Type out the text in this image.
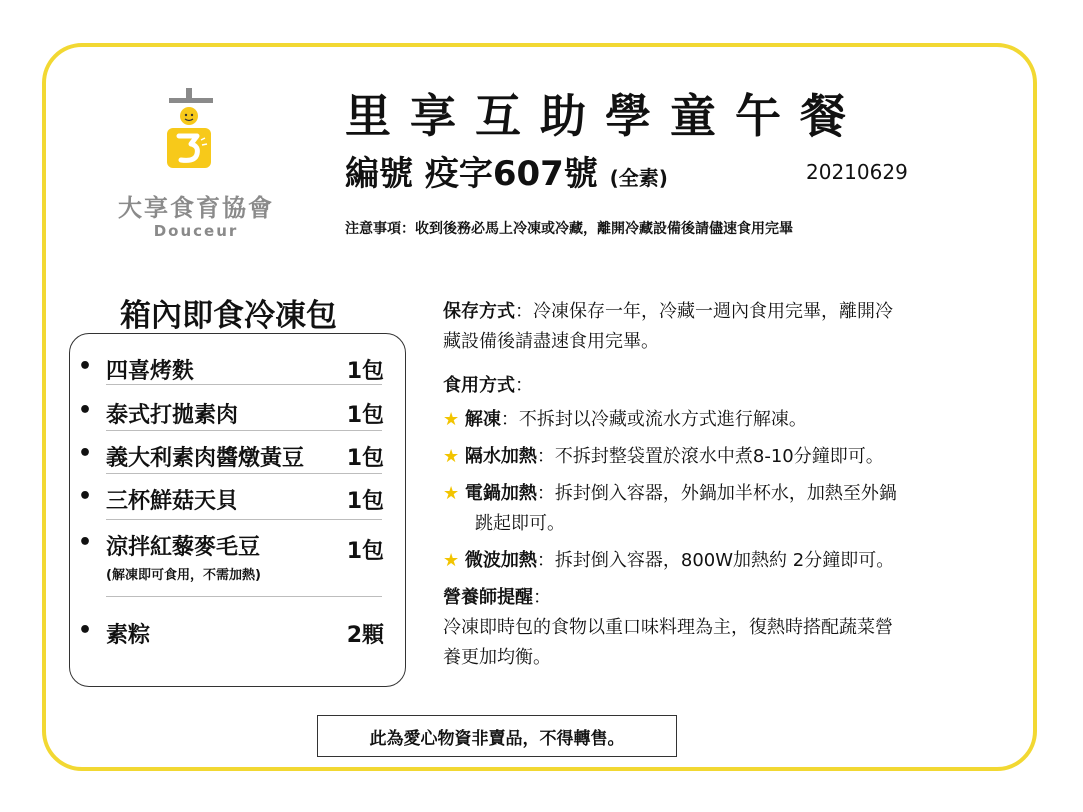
大享食育協會
Douceur
里享互助學童午餐
編號 疫字607號 (全素)	20210629
注意事項：收到後務必馬上冷凍或冷藏，離開冷藏設備後請儘速食用完畢
箱內即食冷凍包
• 四喜烤麩	1包
• 泰式打拋素肉	1包
• 義大利素肉醬燉黃豆 1包
• 三杯鮮菇天貝	1包
• 涼拌紅藜麥毛豆	1包
(解凍即可食用，不需加熱)
• 素粽	2顆
保存方式：冷凍保存一年，冷藏一週內食用完畢，離開冷
藏設備後請盡速食用完畢。
食用方式：
★ 解凍：不拆封以冷藏或流水方式進行解凍。
★ 隔水加熱：不拆封整袋置於滾水中煮8-10分鐘即可。
★ 電鍋加熱：拆封倒入容器，外鍋加半杯水，加熱至外鍋
跳起即可。
★ 微波加熱：拆封倒入容器，800W加熱約 2分鐘即可。
營養師提醒：
冷凍即時包的食物以重口味料理為主，復熱時搭配蔬菜營
養更加均衡。
此為愛心物資非賣品，不得轉售。
